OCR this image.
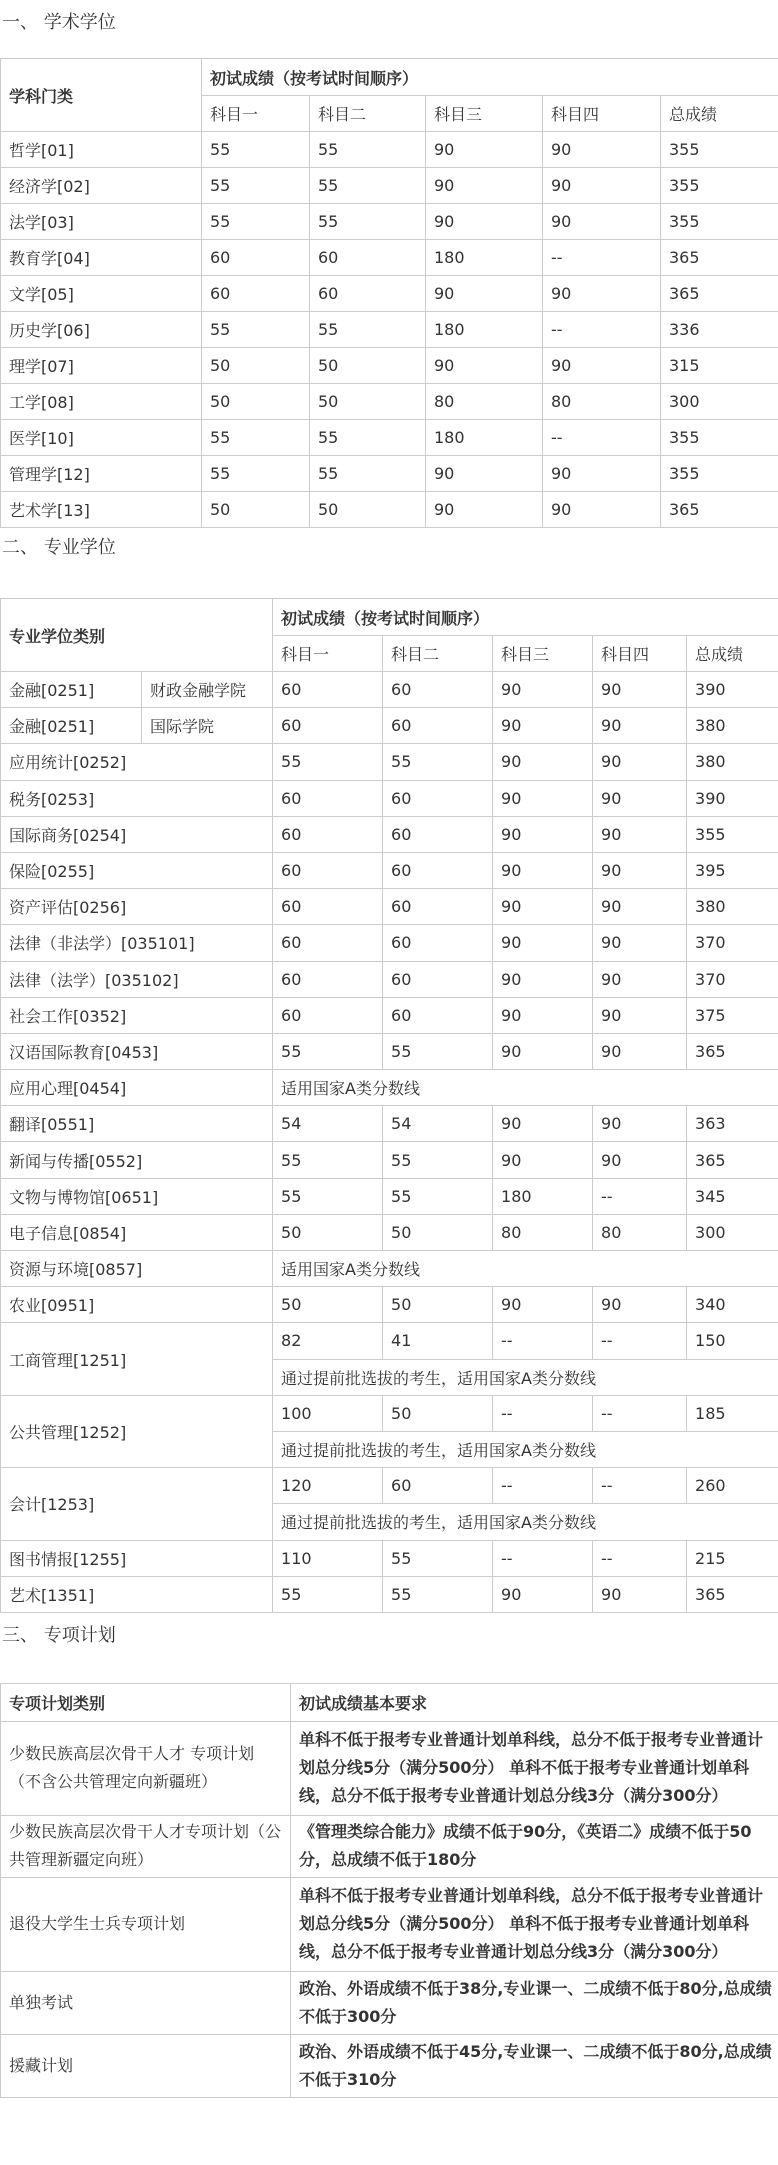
一、 学术学位
学科门类	初试成绩（按考试时间顺序）				
	科目一	科目二	科目三	科目四	总成绩
哲学[01]	55	55	90	90	355
经济学[02]	55	55	90	90	355
法学[03]	55	55	90	90	355
教育学[04]	60	60	180	--	365
文学[05]	60	60	90	90	365
历史学[06]	55	55	180	--	336
理学[07]	50	50	90	90	315
工学[08]	50	50	80	80	300
医学[10]	55	55	180	--	355
管理学[12]	55	55	90	90	355
艺术学[13]	50	50	90	90	365
二、 专业学位
专业学位类别		初试成绩（按考试时间顺序）				
		科目一	科目二	科目三	科目四	总成绩
金融[0251]	财政金融学院	60	60	90	90	390
金融[0251]	国际学院	60	60	90	90	380
应用统计[0252]		55	55	90	90	380
税务[0253]		60	60	90	90	390
国际商务[0254]		60	60	90	90	355
保险[0255]		60	60	90	90	395
资产评估[0256]		60	60	90	90	380
法律（非法学）[035101]		60	60	90	90	370
法律（法学）[035102]		60	60	90	90	370
社会工作[0352]		60	60	90	90	375
汉语国际教育[0453]		55	55	90	90	365
应用心理[0454]		适用国家A类分数线				
翻译[0551]		54	54	90	90	363
新闻与传播[0552]		55	55	90	90	365
文物与博物馆[0651]		55	55	180	--	345
电子信息[0854]		50	50	80	80	300
资源与环境[0857]		适用国家A类分数线				
农业[0951]		50	50	90	90	340
工商管理[1251]		82	41	--	--	150
		通过提前批选拔的考生，适用国家A类分数线				
公共管理[1252]		100	50	--	--	185
		通过提前批选拔的考生，适用国家A类分数线				
会计[1253]		120	60	--	--	260
		通过提前批选拔的考生，适用国家A类分数线				
图书情报[1255]		110	55	--	--	215
艺术[1351]		55	55	90	90	365
三、 专项计划
专项计划类别	初试成绩基本要求
少数民族高层次骨干人才 专项计划 （不含公共管理定向新疆班）	单科不低于报考专业普通计划单科线，总分不低于报考专业普通计划总分线5分（满分500分） 单科不低于报考专业普通计划单科线，总分不低于报考专业普通计划总分线3分（满分300分）
少数民族高层次骨干人才专项计划（公共管理新疆定向班）	《管理类综合能力》成绩不低于90分，《英语二》成绩不低于50分，总成绩不低于180分
退役大学生士兵专项计划	单科不低于报考专业普通计划单科线，总分不低于报考专业普通计划总分线5分（满分500分） 单科不低于报考专业普通计划单科线，总分不低于报考专业普通计划总分线3分（满分300分）
单独考试	政治、外语成绩不低于38分,专业课一、二成绩不低于80分,总成绩不低于300分
援藏计划	政治、外语成绩不低于45分,专业课一、二成绩不低于80分,总成绩不低于310分
